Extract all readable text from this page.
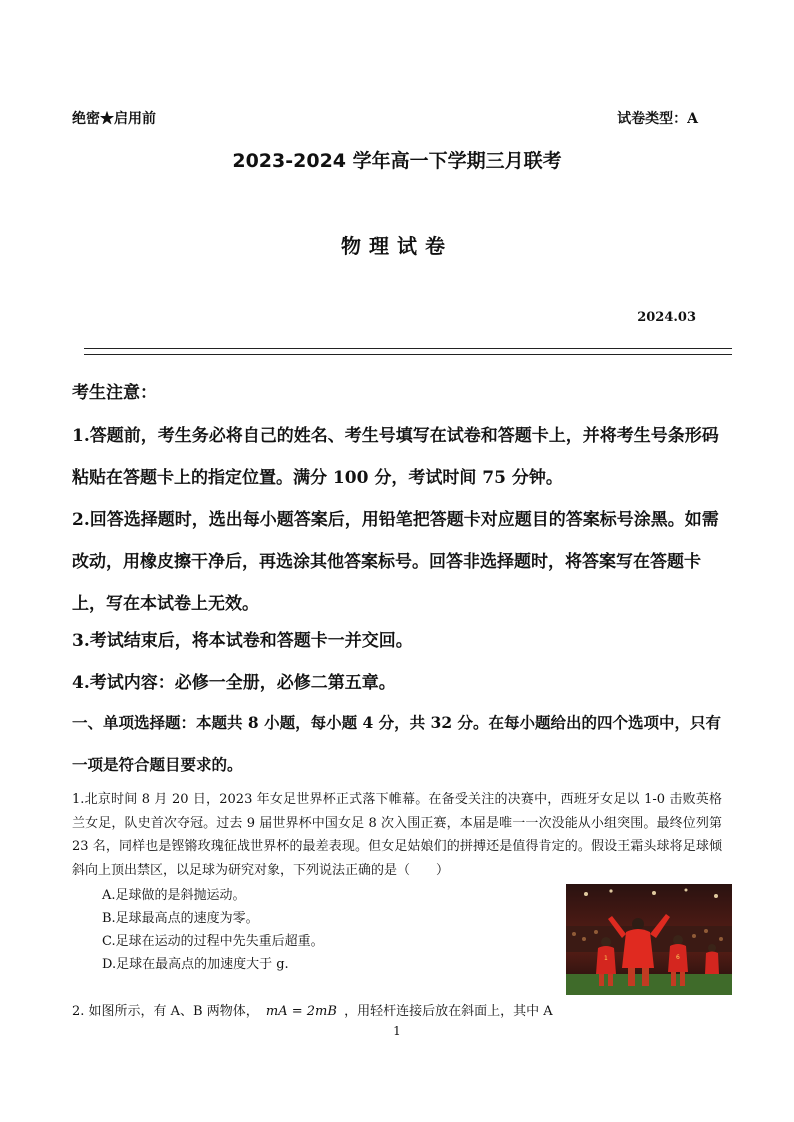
绝密★启用前	试卷类型：A
2023-2024 学年高一下学期三月联考
物理试卷
2024.03
考生注意：
1.答题前，考生务必将自己的姓名、考生号填写在试卷和答题卡上，并将考生号条形码粘贴在答题卡上的指定位置。满分 100 分，考试时间 75 分钟。
2.回答选择题时，选出每小题答案后，用铅笔把答题卡对应题目的答案标号涂黑。如需改动，用橡皮擦干净后，再选涂其他答案标号。回答非选择题时，将答案写在答题卡上，写在本试卷上无效。
3.考试结束后，将本试卷和答题卡一并交回。
4.考试内容：必修一全册，必修二第五章。
一、单项选择题：本题共 8 小题，每小题 4 分，共 32 分。在每小题给出的四个选项中，只有一项是符合题目要求的。
1.北京时间 8 月 20 日，2023 年女足世界杯正式落下帷幕。在备受关注的决赛中，西班牙女足以 1-0 击败英格兰女足，队史首次夺冠。过去 9 届世界杯中国女足 8 次入围正赛，本届是唯一一次没能从小组突围。最终位列第 23 名，同样也是铿锵玫瑰征战世界杯的最差表现。但女足姑娘们的拼搏还是值得肯定的。假设王霜头球将足球倾斜向上顶出禁区，以足球为研究对象，下列说法正确的是（　　）
A.足球做的是斜抛运动。
B.足球最高点的速度为零。
C.足球在运动的过程中先失重后超重。
D.足球在最高点的加速度大于 g.	1	6
2. 如图所示，有 A、B 两物体， mA = 2mB ，用轻杆连接后放在斜面上，其中 A
1
